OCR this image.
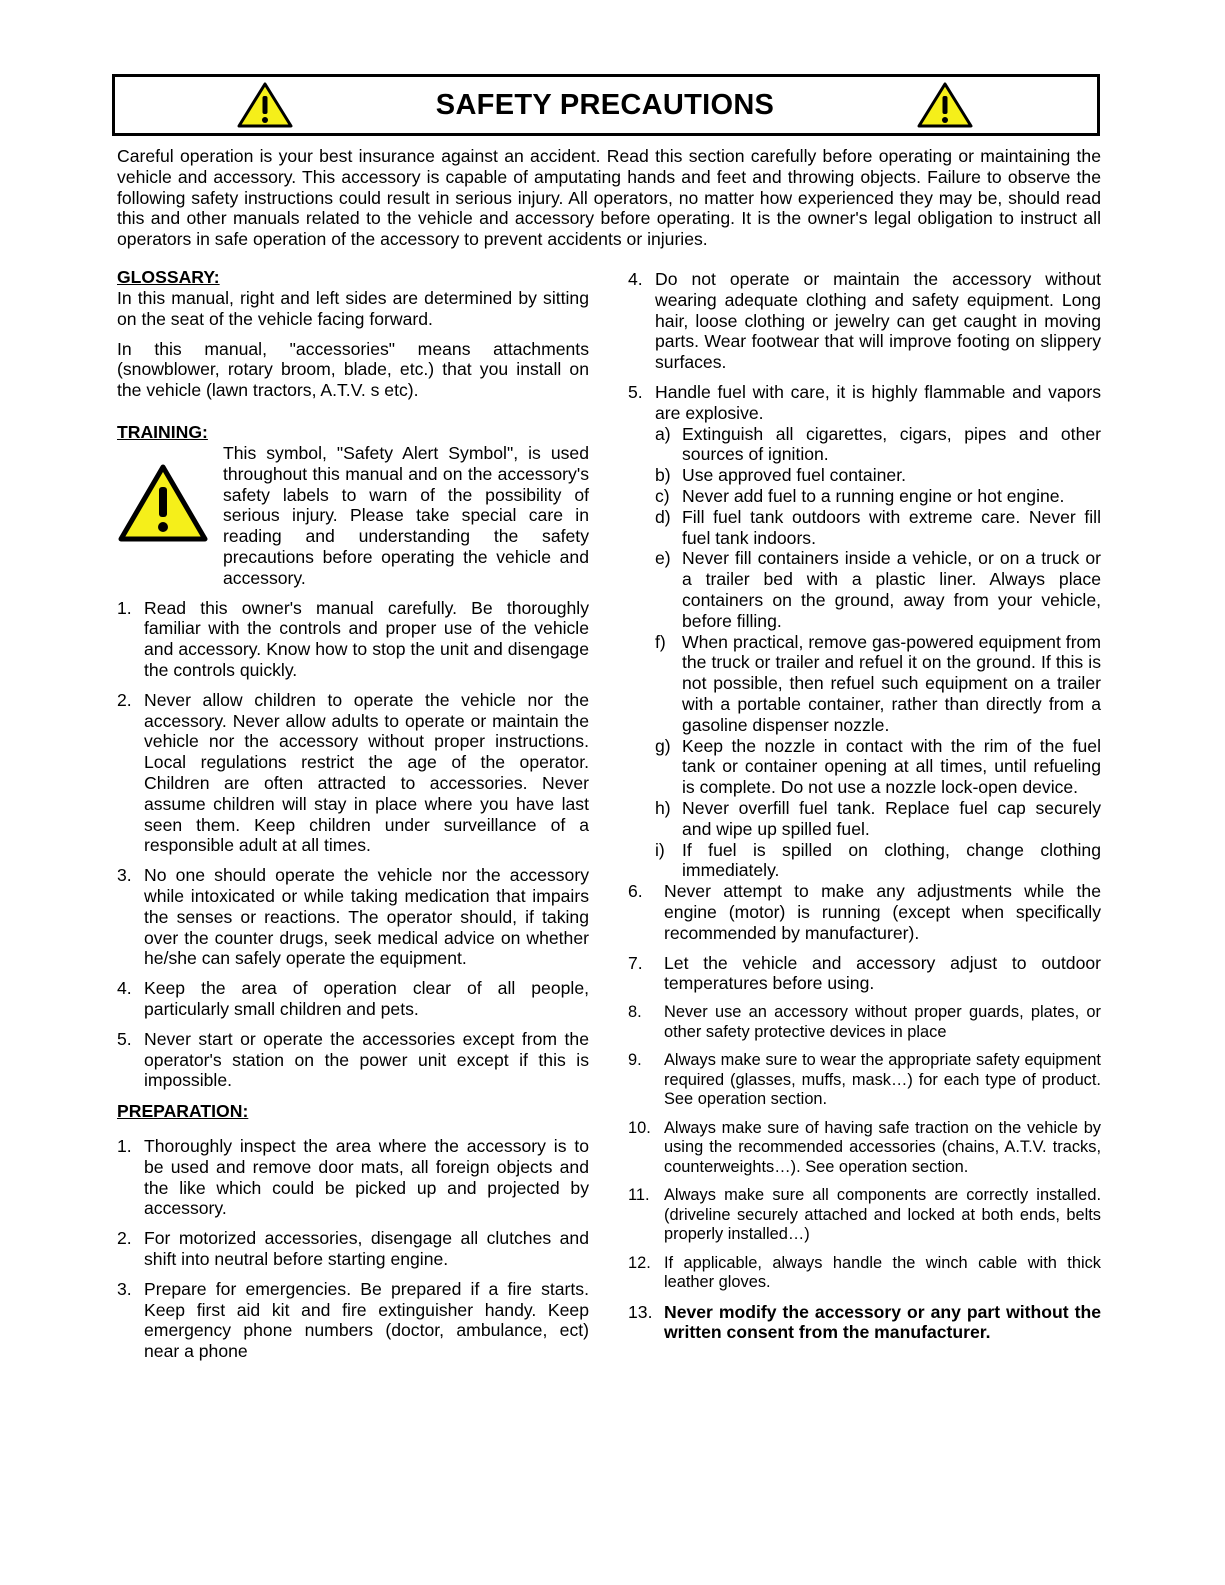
SAFETY PRECAUTIONS

Careful operation is your best insurance against an accident. Read this section carefully before operating or maintaining the vehicle and accessory. This accessory is capable of amputating hands and feet and throwing objects. Failure to observe the following safety instructions could result in serious injury. All operators, no matter how experienced they may be, should read this and other manuals related to the vehicle and accessory before operating. It is the owner's legal obligation to instruct all operators in safe operation of the accessory to prevent accidents or injuries.

GLOSSARY:

In this manual, right and left sides are determined by sitting on the seat of the vehicle facing forward.

In this manual, "accessories" means attachments (snowblower, rotary broom, blade, etc.) that you install on the vehicle (lawn tractors, A.T.V. s etc).

TRAINING:

This symbol, "Safety Alert Symbol", is used throughout this manual and on the accessory's safety labels to warn of the possibility of serious injury. Please take special care in reading and understanding the safety precautions before operating the vehicle and accessory.

1. Read this owner's manual carefully. Be thoroughly familiar with the controls and proper use of the vehicle and accessory. Know how to stop the unit and disengage the controls quickly.
2. Never allow children to operate the vehicle nor the accessory. Never allow adults to operate or maintain the vehicle nor the accessory without proper instructions. Local regulations restrict the age of the operator. Children are often attracted to accessories. Never assume children will stay in place where you have last seen them. Keep children under surveillance of a responsible adult at all times.
3. No one should operate the vehicle nor the accessory while intoxicated or while taking medication that impairs the senses or reactions. The operator should, if taking over the counter drugs, seek medical advice on whether he/she can safely operate the equipment.
4. Keep the area of operation clear of all people, particularly small children and pets.
5. Never start or operate the accessories except from the operator's station on the power unit except if this is impossible.
PREPARATION:
1. Thoroughly inspect the area where the accessory is to be used and remove door mats, all foreign objects and the like which could be picked up and projected by accessory.
2. For motorized accessories, disengage all clutches and shift into neutral before starting engine.
3. Prepare for emergencies. Be prepared if a fire starts. Keep first aid kit and fire extinguisher handy. Keep emergency phone numbers (doctor, ambulance, ect) near a phone
4. Do not operate or maintain the accessory without wearing adequate clothing and safety equipment. Long hair, loose clothing or jewelry can get caught in moving parts. Wear footwear that will improve footing on slippery surfaces.
5. Handle fuel with care, it is highly flammable and vapors are explosive.
a) Extinguish all cigarettes, cigars, pipes and other sources of ignition.
b) Use approved fuel container.
c) Never add fuel to a running engine or hot engine.
d) Fill fuel tank outdoors with extreme care. Never fill fuel tank indoors.
e) Never fill containers inside a vehicle, or on a truck or a trailer bed with a plastic liner. Always place containers on the ground, away from your vehicle, before filling.
f) When practical, remove gas-powered equipment from the truck or trailer and refuel it on the ground. If this is not possible, then refuel such equipment on a trailer with a portable container, rather than directly from a gasoline dispenser nozzle.
g) Keep the nozzle in contact with the rim of the fuel tank or container opening at all times, until refueling is complete. Do not use a nozzle lock-open device.
h) Never overfill fuel tank. Replace fuel cap securely and wipe up spilled fuel.
i) If fuel is spilled on clothing, change clothing immediately.
6. Never attempt to make any adjustments while the engine (motor) is running (except when specifically recommended by manufacturer).
7. Let the vehicle and accessory adjust to outdoor temperatures before using.
8. Never use an accessory without proper guards, plates, or other safety protective devices in place
9. Always make sure to wear the appropriate safety equipment required (glasses, muffs, mask…) for each type of product. See operation section.
10. Always make sure of having safe traction on the vehicle by using the recommended accessories (chains, A.T.V. tracks, counterweights…). See operation section.
11. Always make sure all components are correctly installed. (driveline securely attached and locked at both ends, belts properly installed…)
12. If applicable, always handle the winch cable with thick leather gloves.
13. Never modify the accessory or any part without the written consent from the manufacturer.
